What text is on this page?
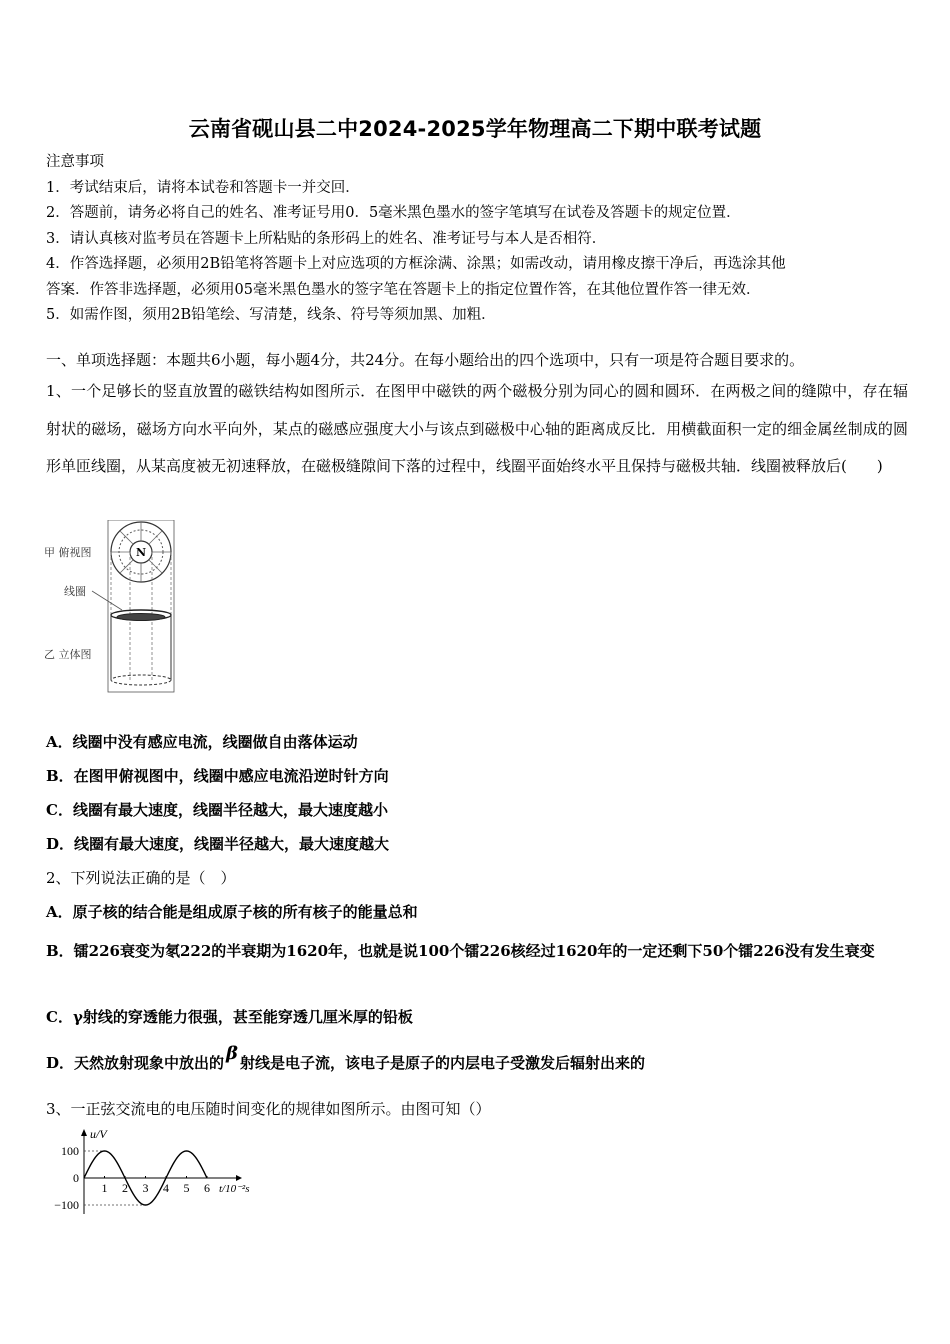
云南省砚山县二中2024-2025学年物理高二下期中联考试题
注意事项
1．考试结束后，请将本试卷和答题卡一并交回．
2．答题前，请务必将自己的姓名、准考证号用0．5毫米黑色墨水的签字笔填写在试卷及答题卡的规定位置．
3．请认真核对监考员在答题卡上所粘贴的条形码上的姓名、准考证号与本人是否相符．
4．作答选择题，必须用2B铅笔将答题卡上对应选项的方框涂满、涂黑；如需改动，请用橡皮擦干净后，再选涂其他
答案．作答非选择题，必须用05毫米黑色墨水的签字笔在答题卡上的指定位置作答，在其他位置作答一律无效．
5．如需作图，须用2B铅笔绘、写清楚，线条、符号等须加黑、加粗．
一、单项选择题：本题共6小题，每小题4分，共24分。在每小题给出的四个选项中，只有一项是符合题目要求的。
1、一个足够长的竖直放置的磁铁结构如图所示．在图甲中磁铁的两个磁极分别为同心的圆和圆环．在两极之间的缝隙中，存在辐射状的磁场，磁场方向水平向外，某点的磁感应强度大小与该点到磁极中心轴的距离成反比．用横截面积一定的细金属丝制成的圆形单匝线圈，从某高度被无初速释放，在磁极缝隙间下落的过程中，线圈平面始终水平且保持与磁极共轴．线圈被释放后(　　)
甲 俯视图
线圈
乙 立体图
N
A．线圈中没有感应电流，线圈做自由落体运动
B．在图甲俯视图中，线圈中感应电流沿逆时针方向
C．线圈有最大速度，线圈半径越大，最大速度越小
D．线圈有最大速度，线圈半径越大，最大速度越大
2、下列说法正确的是（　）
A．原子核的结合能是组成原子核的所有核子的能量总和
B．镭226衰变为氡222的半衰期为1620年，也就是说100个镭226核经过1620年的一定还剩下50个镭226没有发生衰变
C．γ射线的穿透能力很强，甚至能穿透几厘米厚的铅板
D．天然放射现象中放出的 β 射线是电子流，该电子是原子的内层电子受激发后辐射出来的
3、一正弦交流电的电压随时间变化的规律如图所示。由图可知（）
1 2 3 4 5 6
100
0
−100
u/V
t/10⁻²s
